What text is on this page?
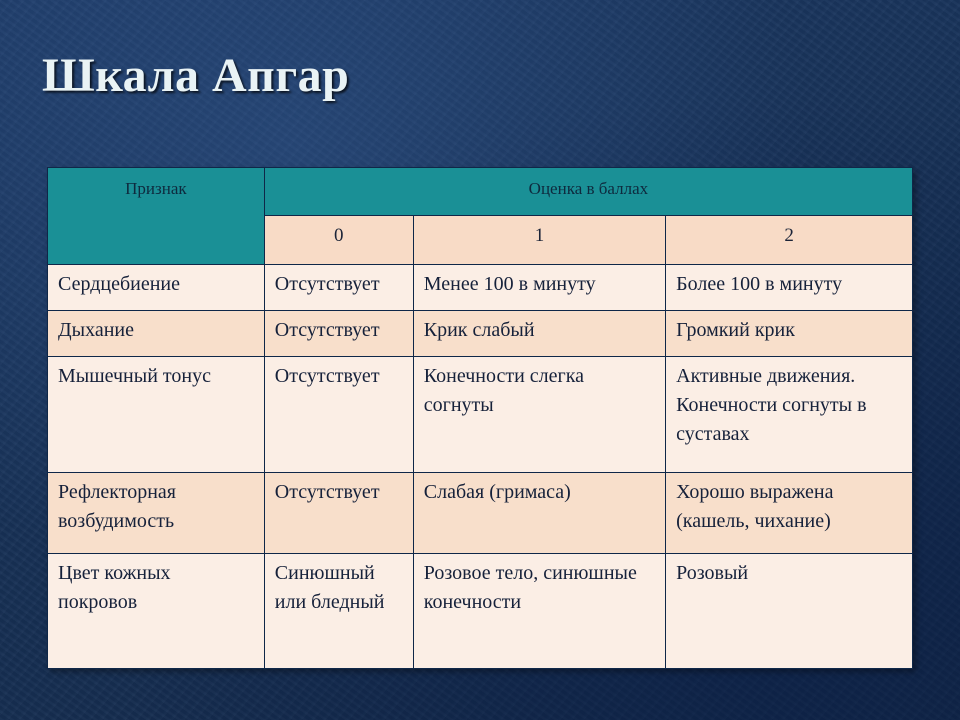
Шкала Апгар
Признак	Оценка в баллах		
	0	1	2
Сердцебиение	Отсутствует	Менее 100 в минуту	Более 100 в минуту
Дыхание	Отсутствует	Крик слабый	Громкий крик
Мышечный тонус	Отсутствует	Конечности слегка согнуты	Активные движения. Конечности согнуты в суставах
Рефлекторная возбудимость	Отсутствует	Слабая (гримаса)	Хорошо выражена (кашель, чихание)
Цвет кожных покровов	Синюшный или бледный	Розовое тело, синюшные конечности	Розовый
